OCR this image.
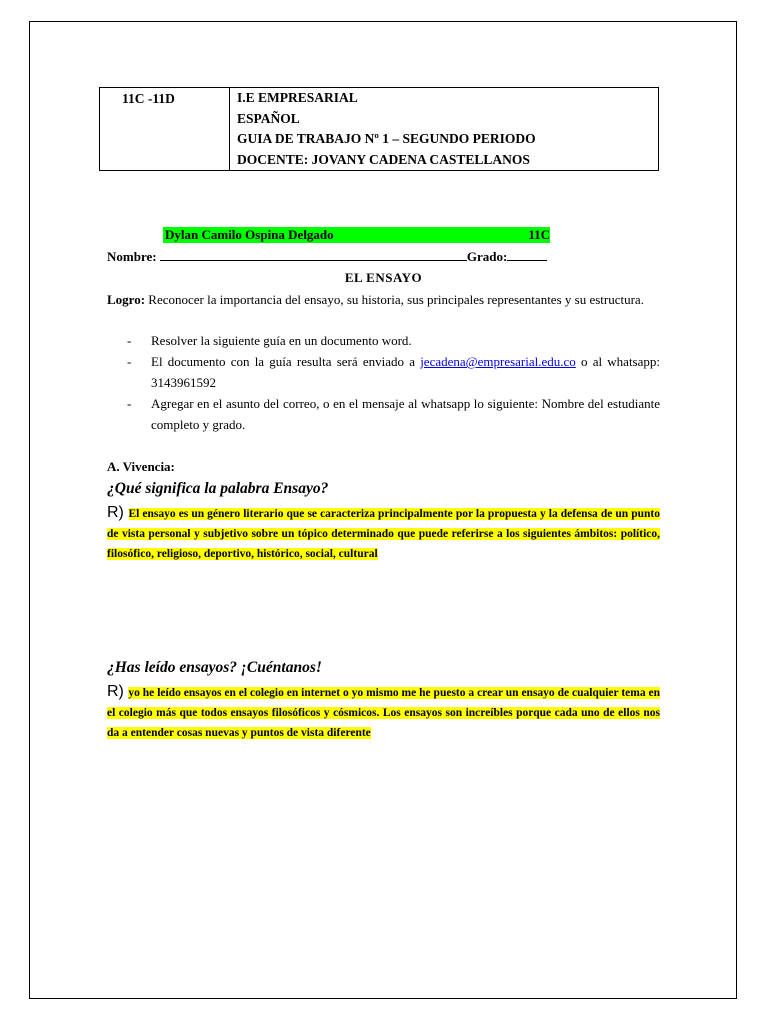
11C -11D	I.E EMPRESARIAL
ESPAÑOL
GUIA DE TRABAJO Nº 1 – SEGUNDO PERIODO
DOCENTE: JOVANY CADENA CASTELLANOS
Dylan Camilo Ospina Delgado	11C
Nombre:	Grado:
EL ENSAYO
Logro: Reconocer la importancia del ensayo, su historia, sus principales representantes y su estructura.
- Resolver la siguiente guía en un documento word.
- El documento con la guía resulta será enviado a jecadena@empresarial.edu.co o al whatsapp: 3143961592
- Agregar en el asunto del correo, o en el mensaje al whatsapp lo siguiente: Nombre del estudiante completo y grado.
A. Vivencia:
¿Qué significa la palabra Ensayo?
R) El ensayo es un género literario que se caracteriza principalmente por la propuesta y la defensa de un punto de vista personal y subjetivo sobre un tópico determinado que puede referirse a los siguientes ámbitos: político, filosófico, religioso, deportivo, histórico, social, cultural
¿Has leído ensayos? ¡Cuéntanos!
R) yo he leído ensayos en el colegio en internet o yo mismo me he puesto a crear un ensayo de cualquier tema en el colegio más que todos ensayos filosóficos y cósmicos. Los ensayos son increíbles porque cada uno de ellos nos da a entender cosas nuevas y puntos de vista diferente
